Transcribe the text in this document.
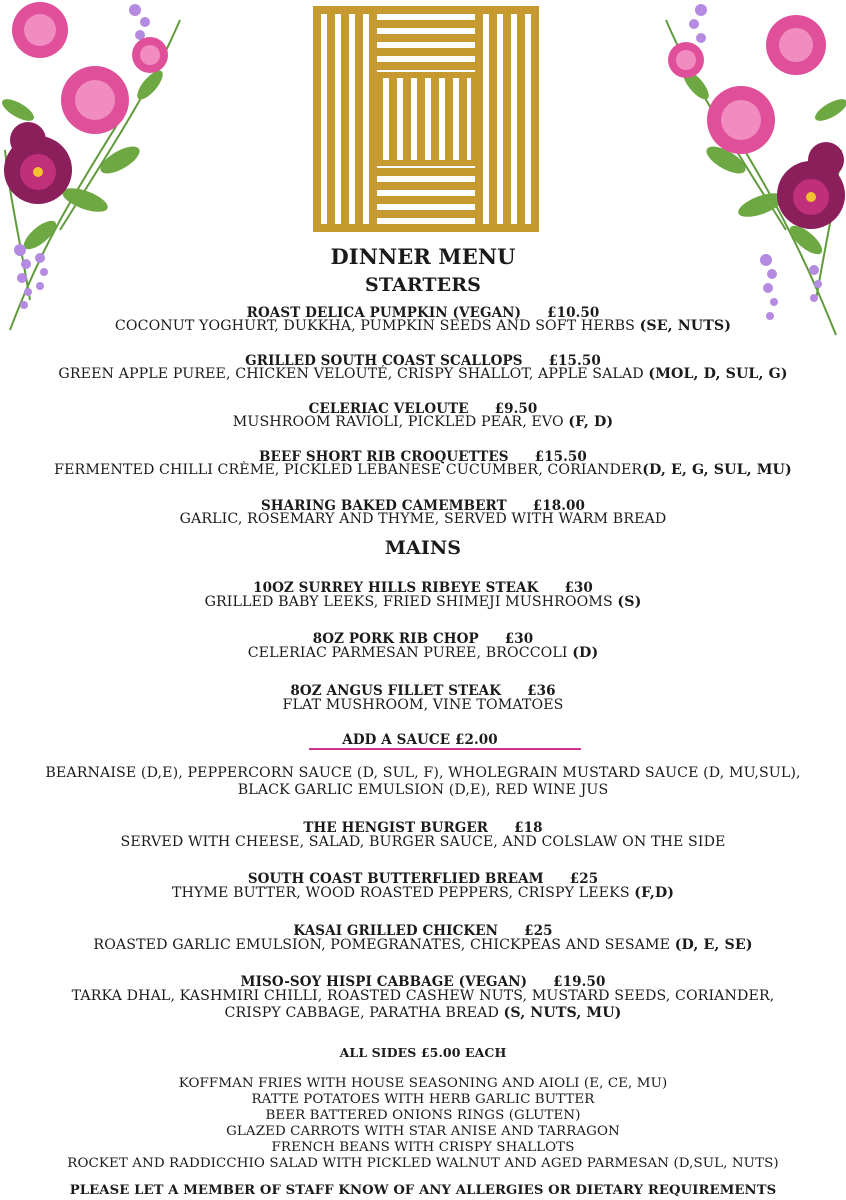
DINNER MENU
STARTERS
ROAST DELICA PUMPKIN (VEGAN) £10.50
COCONUT YOGHURT, DUKKHA, PUMPKIN SEEDS AND SOFT HERBS (SE, NUTS)
GRILLED SOUTH COAST SCALLOPS £15.50
GREEN APPLE PUREE, CHICKEN VELOUTÉ, CRISPY SHALLOT, APPLE SALAD (MOL, D, SUL, G)
CELERIAC VELOUTE £9.50
MUSHROOM RAVIOLI, PICKLED PEAR, EVO (F, D)
BEEF SHORT RIB CROQUETTES £15.50
FERMENTED CHILLI CRÈME, PICKLED LEBANESE CUCUMBER, CORIANDER(D, E, G, SUL, MU)
SHARING BAKED CAMEMBERT £18.00
GARLIC, ROSEMARY AND THYME, SERVED WITH WARM BREAD
MAINS
10OZ SURREY HILLS RIBEYE STEAK £30
GRILLED BABY LEEKS, FRIED SHIMEJI MUSHROOMS (S)
8OZ PORK RIB CHOP £30
CELERIAC PARMESAN PUREE, BROCCOLI (D)
8OZ ANGUS FILLET STEAK £36
FLAT MUSHROOM, VINE TOMATOES
ADD A SAUCE £2.00
BEARNAISE (D,E), PEPPERCORN SAUCE (D, SUL, F), WHOLEGRAIN MUSTARD SAUCE (D, MU,SUL),
BLACK GARLIC EMULSION (D,E), RED WINE JUS
THE HENGIST BURGER £18
SERVED WITH CHEESE, SALAD, BURGER SAUCE, AND COLSLAW ON THE SIDE
SOUTH COAST BUTTERFLIED BREAM £25
THYME BUTTER, WOOD ROASTED PEPPERS, CRISPY LEEKS (F,D)
KASAI GRILLED CHICKEN £25
ROASTED GARLIC EMULSION, POMEGRANATES, CHICKPEAS AND SESAME (D, E, SE)
MISO-SOY HISPI CABBAGE (VEGAN) £19.50
TARKA DHAL, KASHMIRI CHILLI, ROASTED CASHEW NUTS, MUSTARD SEEDS, CORIANDER,
CRISPY CABBAGE, PARATHA BREAD (S, NUTS, MU)
ALL SIDES £5.00 EACH
KOFFMAN FRIES WITH HOUSE SEASONING AND AIOLI (E, CE, MU)
RATTE POTATOES WITH HERB GARLIC BUTTER
BEER BATTERED ONIONS RINGS (GLUTEN)
GLAZED CARROTS WITH STAR ANISE AND TARRAGON
FRENCH BEANS WITH CRISPY SHALLOTS
ROCKET AND RADDICCHIO SALAD WITH PICKLED WALNUT AND AGED PARMESAN (D,SUL, NUTS)
PLEASE LET A MEMBER OF STAFF KNOW OF ANY ALLERGIES OR DIETARY REQUIREMENTS
